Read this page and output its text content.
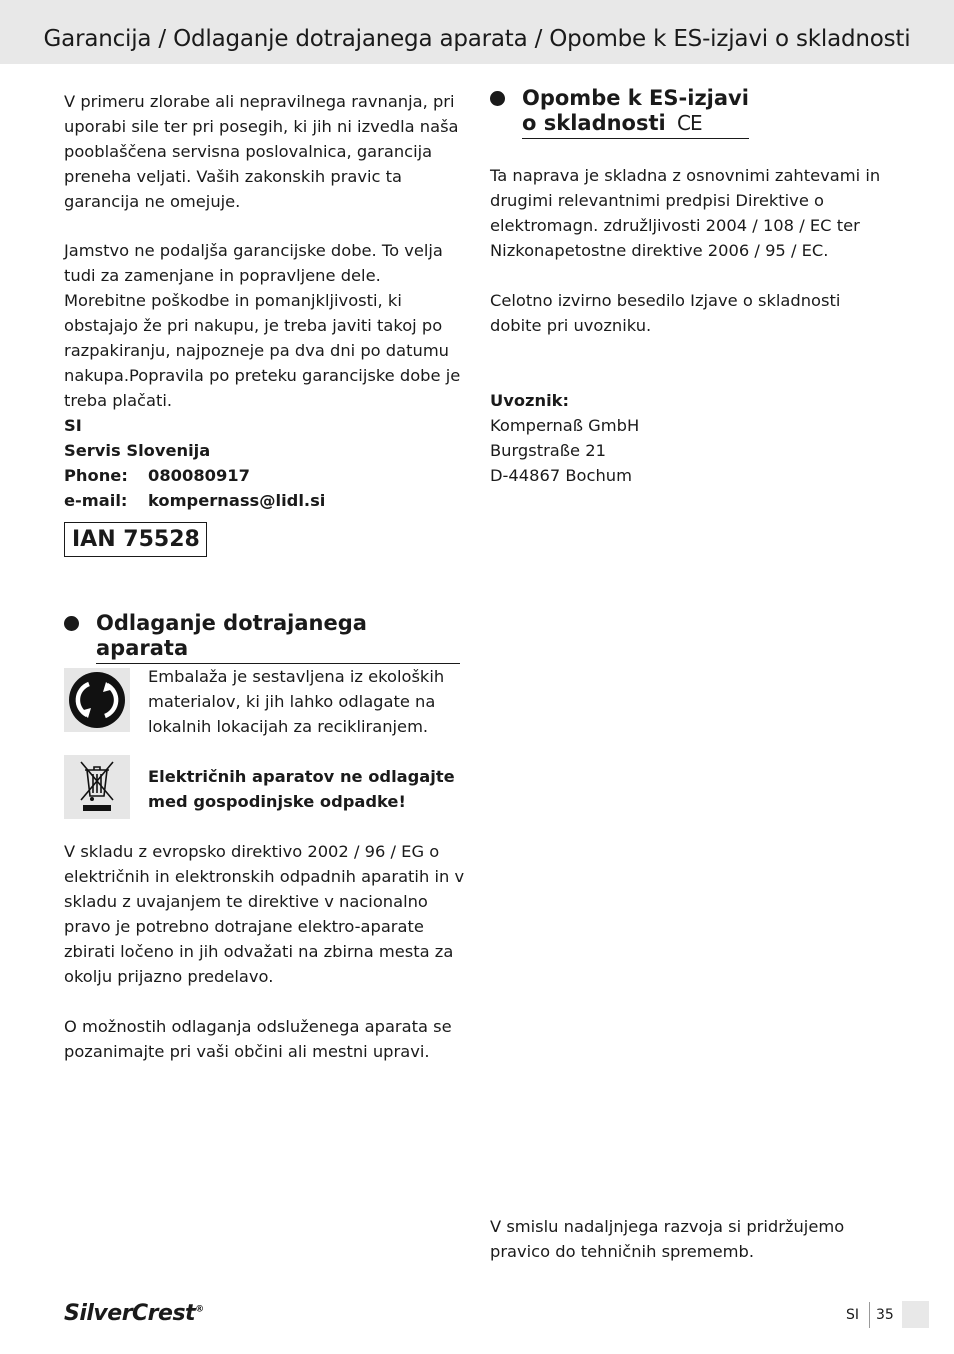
Garancija / Odlaganje dotrajanega aparata / Opombe k ES-izjavi o skladnosti

V primeru zlorabe ali nepravilnega ravnanja, pri uporabi sile ter pri posegih, ki jih ni izvedla naša pooblaščena servisna poslovalnica, garancija preneha veljati. Vaših zakonskih pravic ta garancija ne omejuje.

Jamstvo ne podaljša garancijske dobe. To velja tudi za zamenjane in popravljene dele. Morebitne poškodbe in pomanjkljivosti, ki obstajajo že pri nakupu, je treba javiti takoj po razpakiranju, najpozneje pa dva dni po datumu nakupa.Popravila po preteku garancijske dobe je treba plačati.

SI

Servis Slovenija

Phone:	080080917

e-mail:	kompernass@lidl.si

IAN 75528
Odlaganje dotrajanega aparata

Embalaža je sestavljena iz ekoloških materialov, ki jih lahko odlagate na lokalnih lokacijah za recikliranjem.

Električnih aparatov ne odlagajte med gospodinjske odpadke!

V skladu z evropsko direktivo 2002 / 96 / EG o električnih in elektronskih odpadnih aparatih in v skladu z uvajanjem te direktive v nacionalno pravo je potrebno dotrajane elektro-aparate zbirati ločeno in jih odvažati na zbirna mesta za okolju prijazno predelavo.

O možnostih odlaganja odsluženega aparata se pozanimajte pri vaši občini ali mestni upravi.

Opombe k ES-izjavi
o skladnosti CE

Ta naprava je skladna z osnovnimi zahtevami in drugimi relevantnimi predpisi Direktive o elektromagn. združljivosti 2004 / 108 / EC ter Nizkonapetostne direktive 2006 / 95 / EC.

Celotno izvirno besedilo Izjave o skladnosti dobite pri uvozniku.

Uvoznik:

Kompernaß GmbH

Burgstraße 21

D-44867 Bochum

V smislu nadaljnjega razvoja si pridržujemo pravico do tehničnih sprememb.

SilverCrest®	SI 35
